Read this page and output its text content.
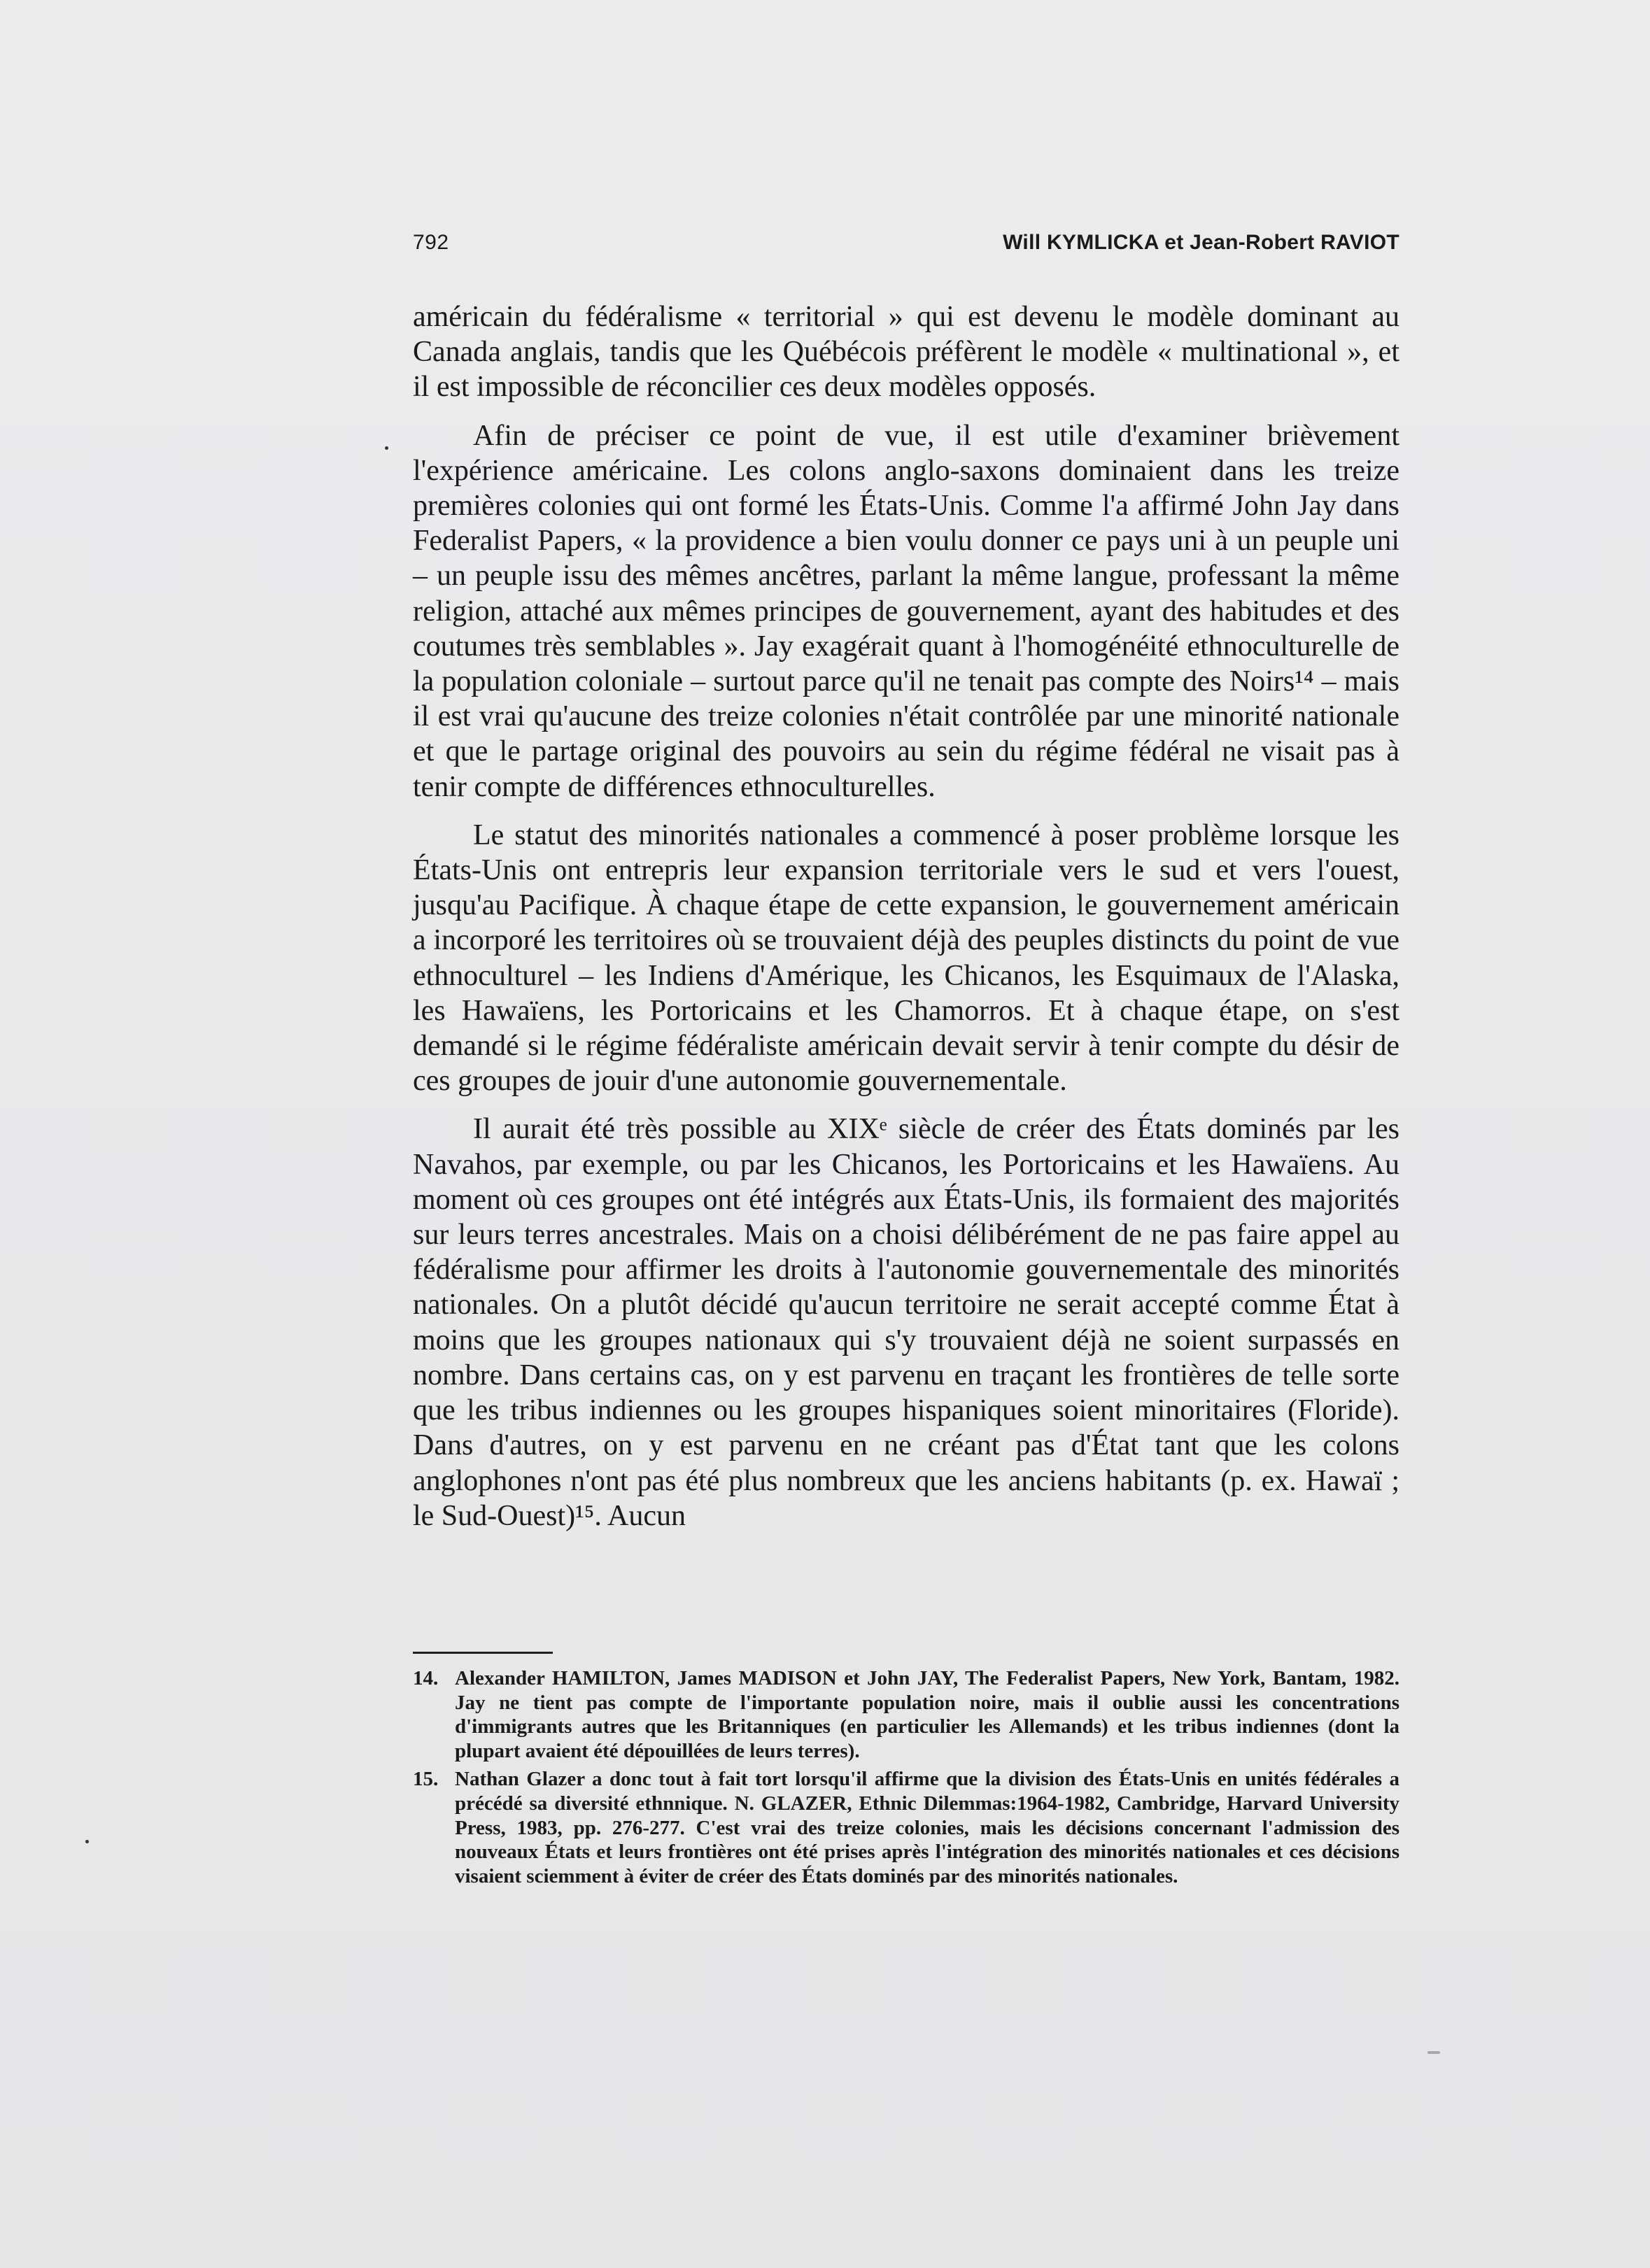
792	Will KYMLICKA et Jean-Robert RAVIOT

américain du fédéralisme « territorial » qui est devenu le modèle dominant au Canada anglais, tandis que les Québécois préfèrent le modèle « multinational », et il est impossible de réconcilier ces deux modèles opposés.

Afin de préciser ce point de vue, il est utile d'examiner brièvement l'expérience américaine. Les colons anglo-saxons dominaient dans les treize premières colonies qui ont formé les États-Unis. Comme l'a affirmé John Jay dans Federalist Papers, « la providence a bien voulu donner ce pays uni à un peuple uni – un peuple issu des mêmes ancêtres, parlant la même langue, professant la même religion, attaché aux mêmes principes de gouvernement, ayant des habitudes et des coutumes très semblables ». Jay exagérait quant à l'homogénéité ethnoculturelle de la population coloniale – surtout parce qu'il ne tenait pas compte des Noirs¹⁴ – mais il est vrai qu'aucune des treize colonies n'était contrôlée par une minorité nationale et que le partage original des pouvoirs au sein du régime fédéral ne visait pas à tenir compte de différences ethnoculturelles.

Le statut des minorités nationales a commencé à poser problème lorsque les États-Unis ont entrepris leur expansion territoriale vers le sud et vers l'ouest, jusqu'au Pacifique. À chaque étape de cette expansion, le gouvernement américain a incorporé les territoires où se trouvaient déjà des peuples distincts du point de vue ethnoculturel – les Indiens d'Amérique, les Chicanos, les Esquimaux de l'Alaska, les Hawaïens, les Portoricains et les Chamorros. Et à chaque étape, on s'est demandé si le régime fédéraliste américain devait servir à tenir compte du désir de ces groupes de jouir d'une autonomie gouvernementale.

Il aurait été très possible au XIXᵉ siècle de créer des États dominés par les Navahos, par exemple, ou par les Chicanos, les Portoricains et les Hawaïens. Au moment où ces groupes ont été intégrés aux États-Unis, ils formaient des majorités sur leurs terres ancestrales. Mais on a choisi délibérément de ne pas faire appel au fédéralisme pour affirmer les droits à l'autonomie gouvernementale des minorités nationales. On a plutôt décidé qu'aucun territoire ne serait accepté comme État à moins que les groupes nationaux qui s'y trouvaient déjà ne soient surpassés en nombre. Dans certains cas, on y est parvenu en traçant les frontières de telle sorte que les tribus indiennes ou les groupes hispaniques soient minoritaires (Floride). Dans d'autres, on y est parvenu en ne créant pas d'État tant que les colons anglophones n'ont pas été plus nombreux que les anciens habitants (p. ex. Hawaï ; le Sud-Ouest)¹⁵. Aucun

14. Alexander HAMILTON, James MADISON et John JAY, The Federalist Papers, New York, Bantam, 1982. Jay ne tient pas compte de l'importante population noire, mais il oublie aussi les concentrations d'immigrants autres que les Britanniques (en particulier les Allemands) et les tribus indiennes (dont la plupart avaient été dépouillées de leurs terres).
15. Nathan Glazer a donc tout à fait tort lorsqu'il affirme que la division des États-Unis en unités fédérales a précédé sa diversité ethnnique. N. GLAZER, Ethnic Dilemmas:1964-1982, Cambridge, Harvard University Press, 1983, pp. 276-277. C'est vrai des treize colonies, mais les décisions concernant l'admission des nouveaux États et leurs frontières ont été prises après l'intégration des minorités nationales et ces décisions visaient sciemment à éviter de créer des États dominés par des minorités nationales.
